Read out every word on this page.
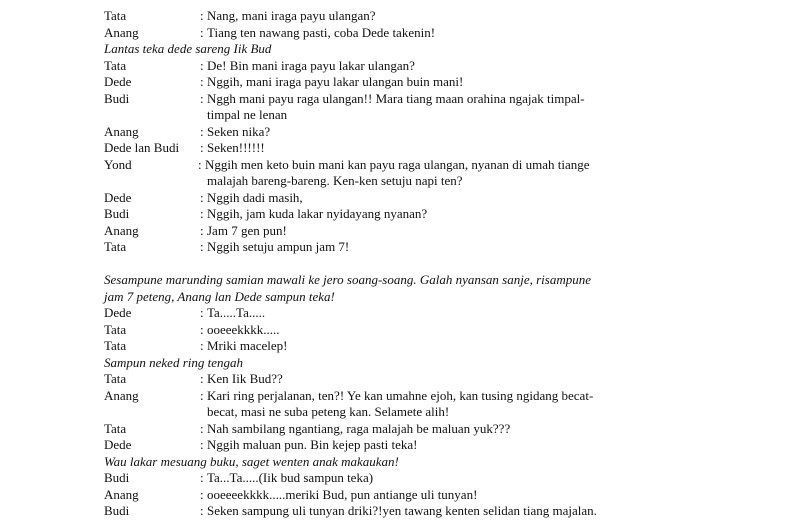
Tata	: Nang, mani iraga payu ulangan?
Anang	: Tiang ten nawang pasti, coba Dede takenin!
Lantas teka dede sareng Iik Bud
Tata	: De! Bin mani iraga payu lakar ulangan?
Dede	: Nggih, mani iraga payu lakar ulangan buin mani!
Budi	: Nggh mani payu raga ulangan!! Mara tiang maan orahina ngajak timpal-
timpal ne lenan
Anang	: Seken nika?
Dede lan Budi : Seken!!!!!!
Yond	: Nggih men keto buin mani kan payu raga ulangan, nyanan di umah tiange
malajah bareng-bareng. Ken-ken setuju napi ten?
Dede	: Nggih dadi masih,
Budi	: Nggih, jam kuda lakar nyidayang nyanan?
Anang	: Jam 7 gen pun!
Tata	: Nggih setuju ampun jam 7!
Sesampune marunding samian mawali ke jero soang-soang. Galah nyansan sanje, risampune
jam 7 peteng, Anang lan Dede sampun teka!
Dede	: Ta.....Ta.....
Tata	: ooeeekkkk.....
Tata	: Mriki macelep!
Sampun neked ring tengah
Tata	: Ken Iik Bud??
Anang	: Kari ring perjalanan, ten?! Ye kan umahne ejoh, kan tusing ngidang becat-
becat, masi ne suba peteng kan. Selamete alih!
Tata	: Nah sambilang ngantiang, raga malajah be maluan yuk???
Dede	: Nggih maluan pun. Bin kejep pasti teka!
Wau lakar mesuang buku, saget wenten anak makaukan!
Budi	: Ta...Ta.....(Iik bud sampun teka)
Anang	: ooeeeekkkk.....meriki Bud, pun antiange uli tunyan!
Budi	: Seken sampung uli tunyan driki?!yen tawang kenten selidan tiang majalan.
